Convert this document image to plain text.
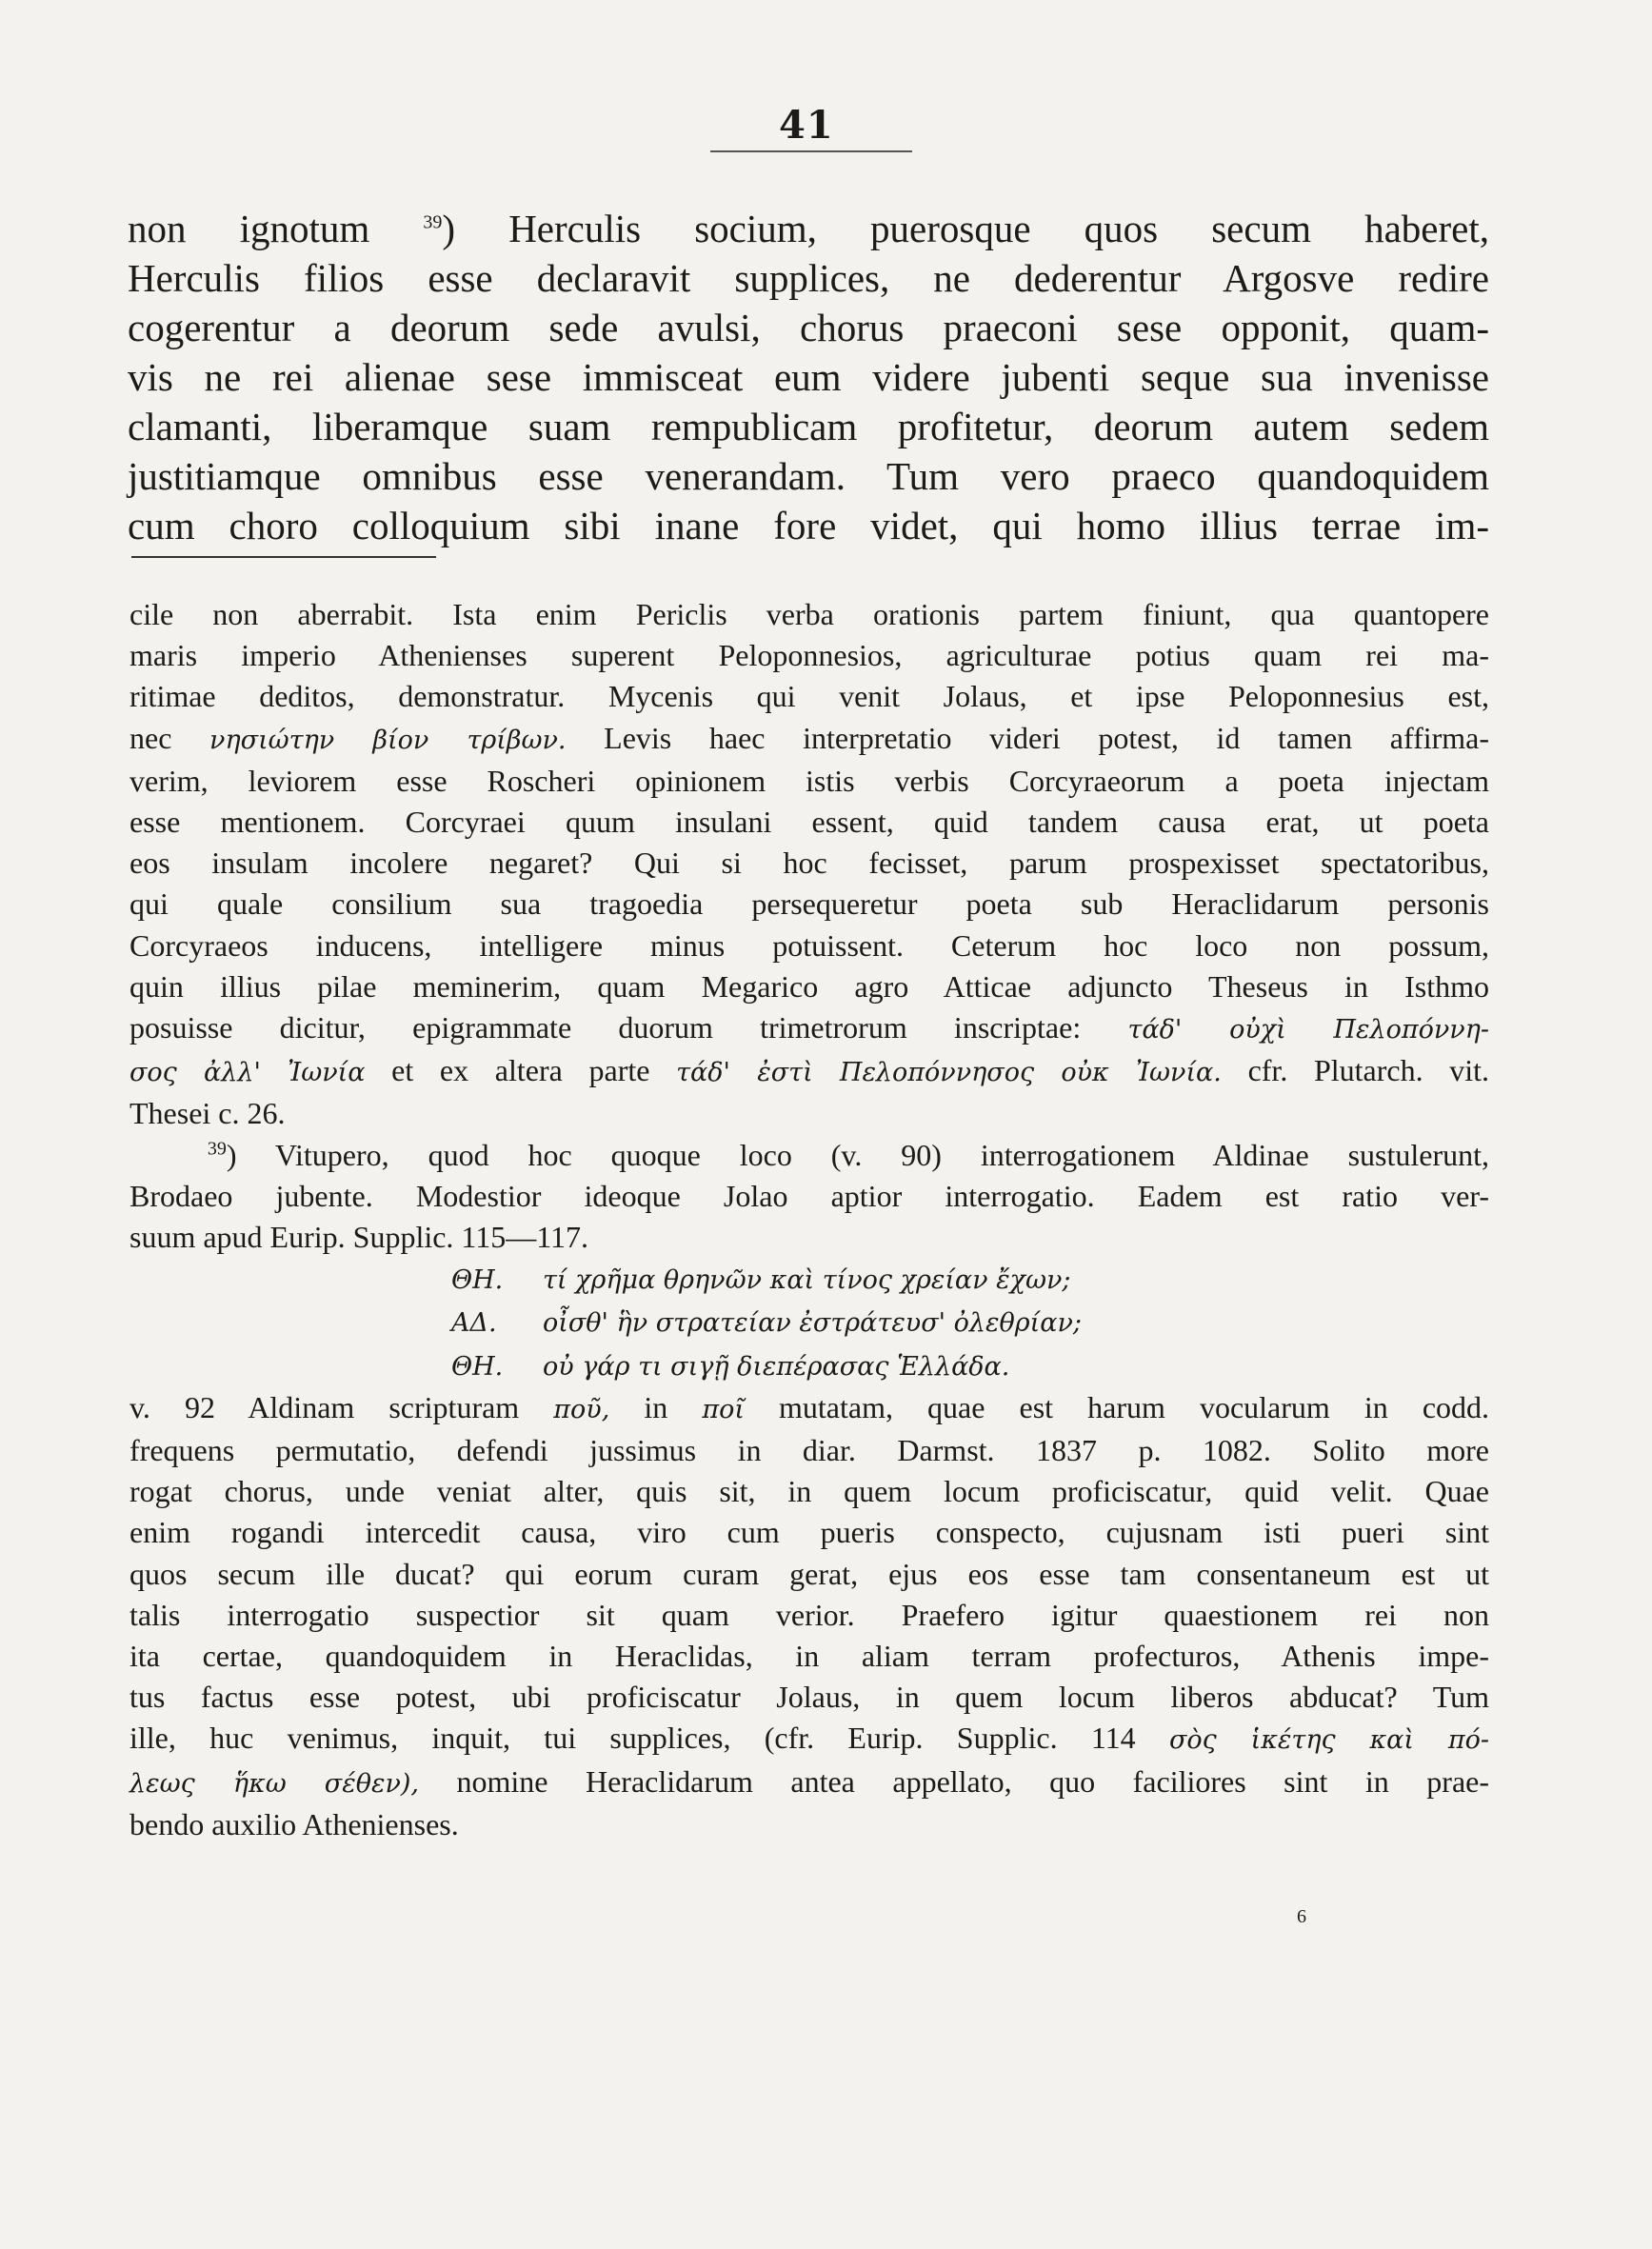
41
non ignotum	$^{39}$) Herculis socium, puerosque quos secum haberet,
Herculis filios esse declaravit supplices, ne dederentur Argosve redire
cogerentur a deorum sede avulsi, chorus praeconi sese opponit, quam-
vis ne rei alienae sese immisceat eum videre jubenti seque sua invenisse
clamanti, liberamque suam rempublicam profitetur, deorum autem sedem
justitiamque omnibus esse venerandam. Tum vero praeco quandoquidem
cum choro colloquium sibi inane fore videt, qui homo illius terrae im-
cile non aberrabit. Ista enim Periclis verba orationis partem finiunt, qua quantopere
maris imperio Athenienses superent Peloponnesios, agriculturae potius quam rei ma-
ritimae deditos, demonstratur. Mycenis qui venit Jolaus, et ipse Peloponnesius est,
nec νησιώτην βίον τρίβων. Levis haec interpretatio videri potest, id tamen affirma-
verim, leviorem esse Roscheri opinionem istis verbis Corcyraeorum a poeta injectam
esse mentionem. Corcyraei quum insulani essent, quid tandem causa erat, ut poeta
eos insulam incolere negaret? Qui si hoc fecisset, parum prospexisset spectatoribus,
qui quale consilium sua tragoedia persequeretur poeta sub Heraclidarum personis
Corcyraeos inducens, intelligere minus potuissent. Ceterum hoc loco non possum,
quin illius pilae meminerim, quam Megarico agro Atticae adjuncto Theseus in Isthmo
posuisse dicitur, epigrammate duorum trimetrorum inscriptae: τάδ' οὐχὶ Πελοπόννη-
σος ἀλλ' Ἰωνία et ex altera parte τάδ' ἐστὶ Πελοπόννησος οὐκ Ἰωνία. cfr. Plutarch. vit.
Thesei c. 26.
$^{39}$) Vitupero, quod hoc quoque loco (v. 90) interrogationem Aldinae sustulerunt,
Brodaeo jubente. Modestior ideoque Jolao aptior interrogatio. Eadem est ratio ver-
suum apud Eurip. Supplic. 115—117.
ΘΗ. τί χρῆμα θρηνῶν καὶ τίνος χρείαν ἔχων;
ΑΔ. οἶσθ' ἣν στρατείαν ἐστράτευσ' ὀλεθρίαν;
ΘΗ. οὐ γάρ τι σιγῇ διεπέρασας Ἑλλάδα.
v. 92 Aldinam scripturam ποῦ, in ποῖ mutatam, quae est harum vocularum in codd.
frequens permutatio, defendi jussimus in diar. Darmst. 1837 p. 1082. Solito more
rogat chorus, unde veniat alter, quis sit, in quem locum proficiscatur, quid velit. Quae
enim rogandi intercedit causa, viro cum pueris conspecto, cujusnam isti pueri sint
quos secum ille ducat? qui eorum curam gerat, ejus eos esse tam consentaneum est ut
talis interrogatio suspectior sit quam verior. Praefero igitur quaestionem rei non
ita certae, quandoquidem in Heraclidas, in aliam terram profecturos, Athenis impe-
tus factus esse potest, ubi proficiscatur Jolaus, in quem locum liberos abducat? Tum
ille, huc venimus, inquit, tui supplices, (cfr. Eurip. Supplic. 114 σὸς ἱκέτης καὶ πό-
λεως ἥκω σέθεν), nomine Heraclidarum antea appellato, quo faciliores sint in prae-
bendo auxilio Athenienses.
6
